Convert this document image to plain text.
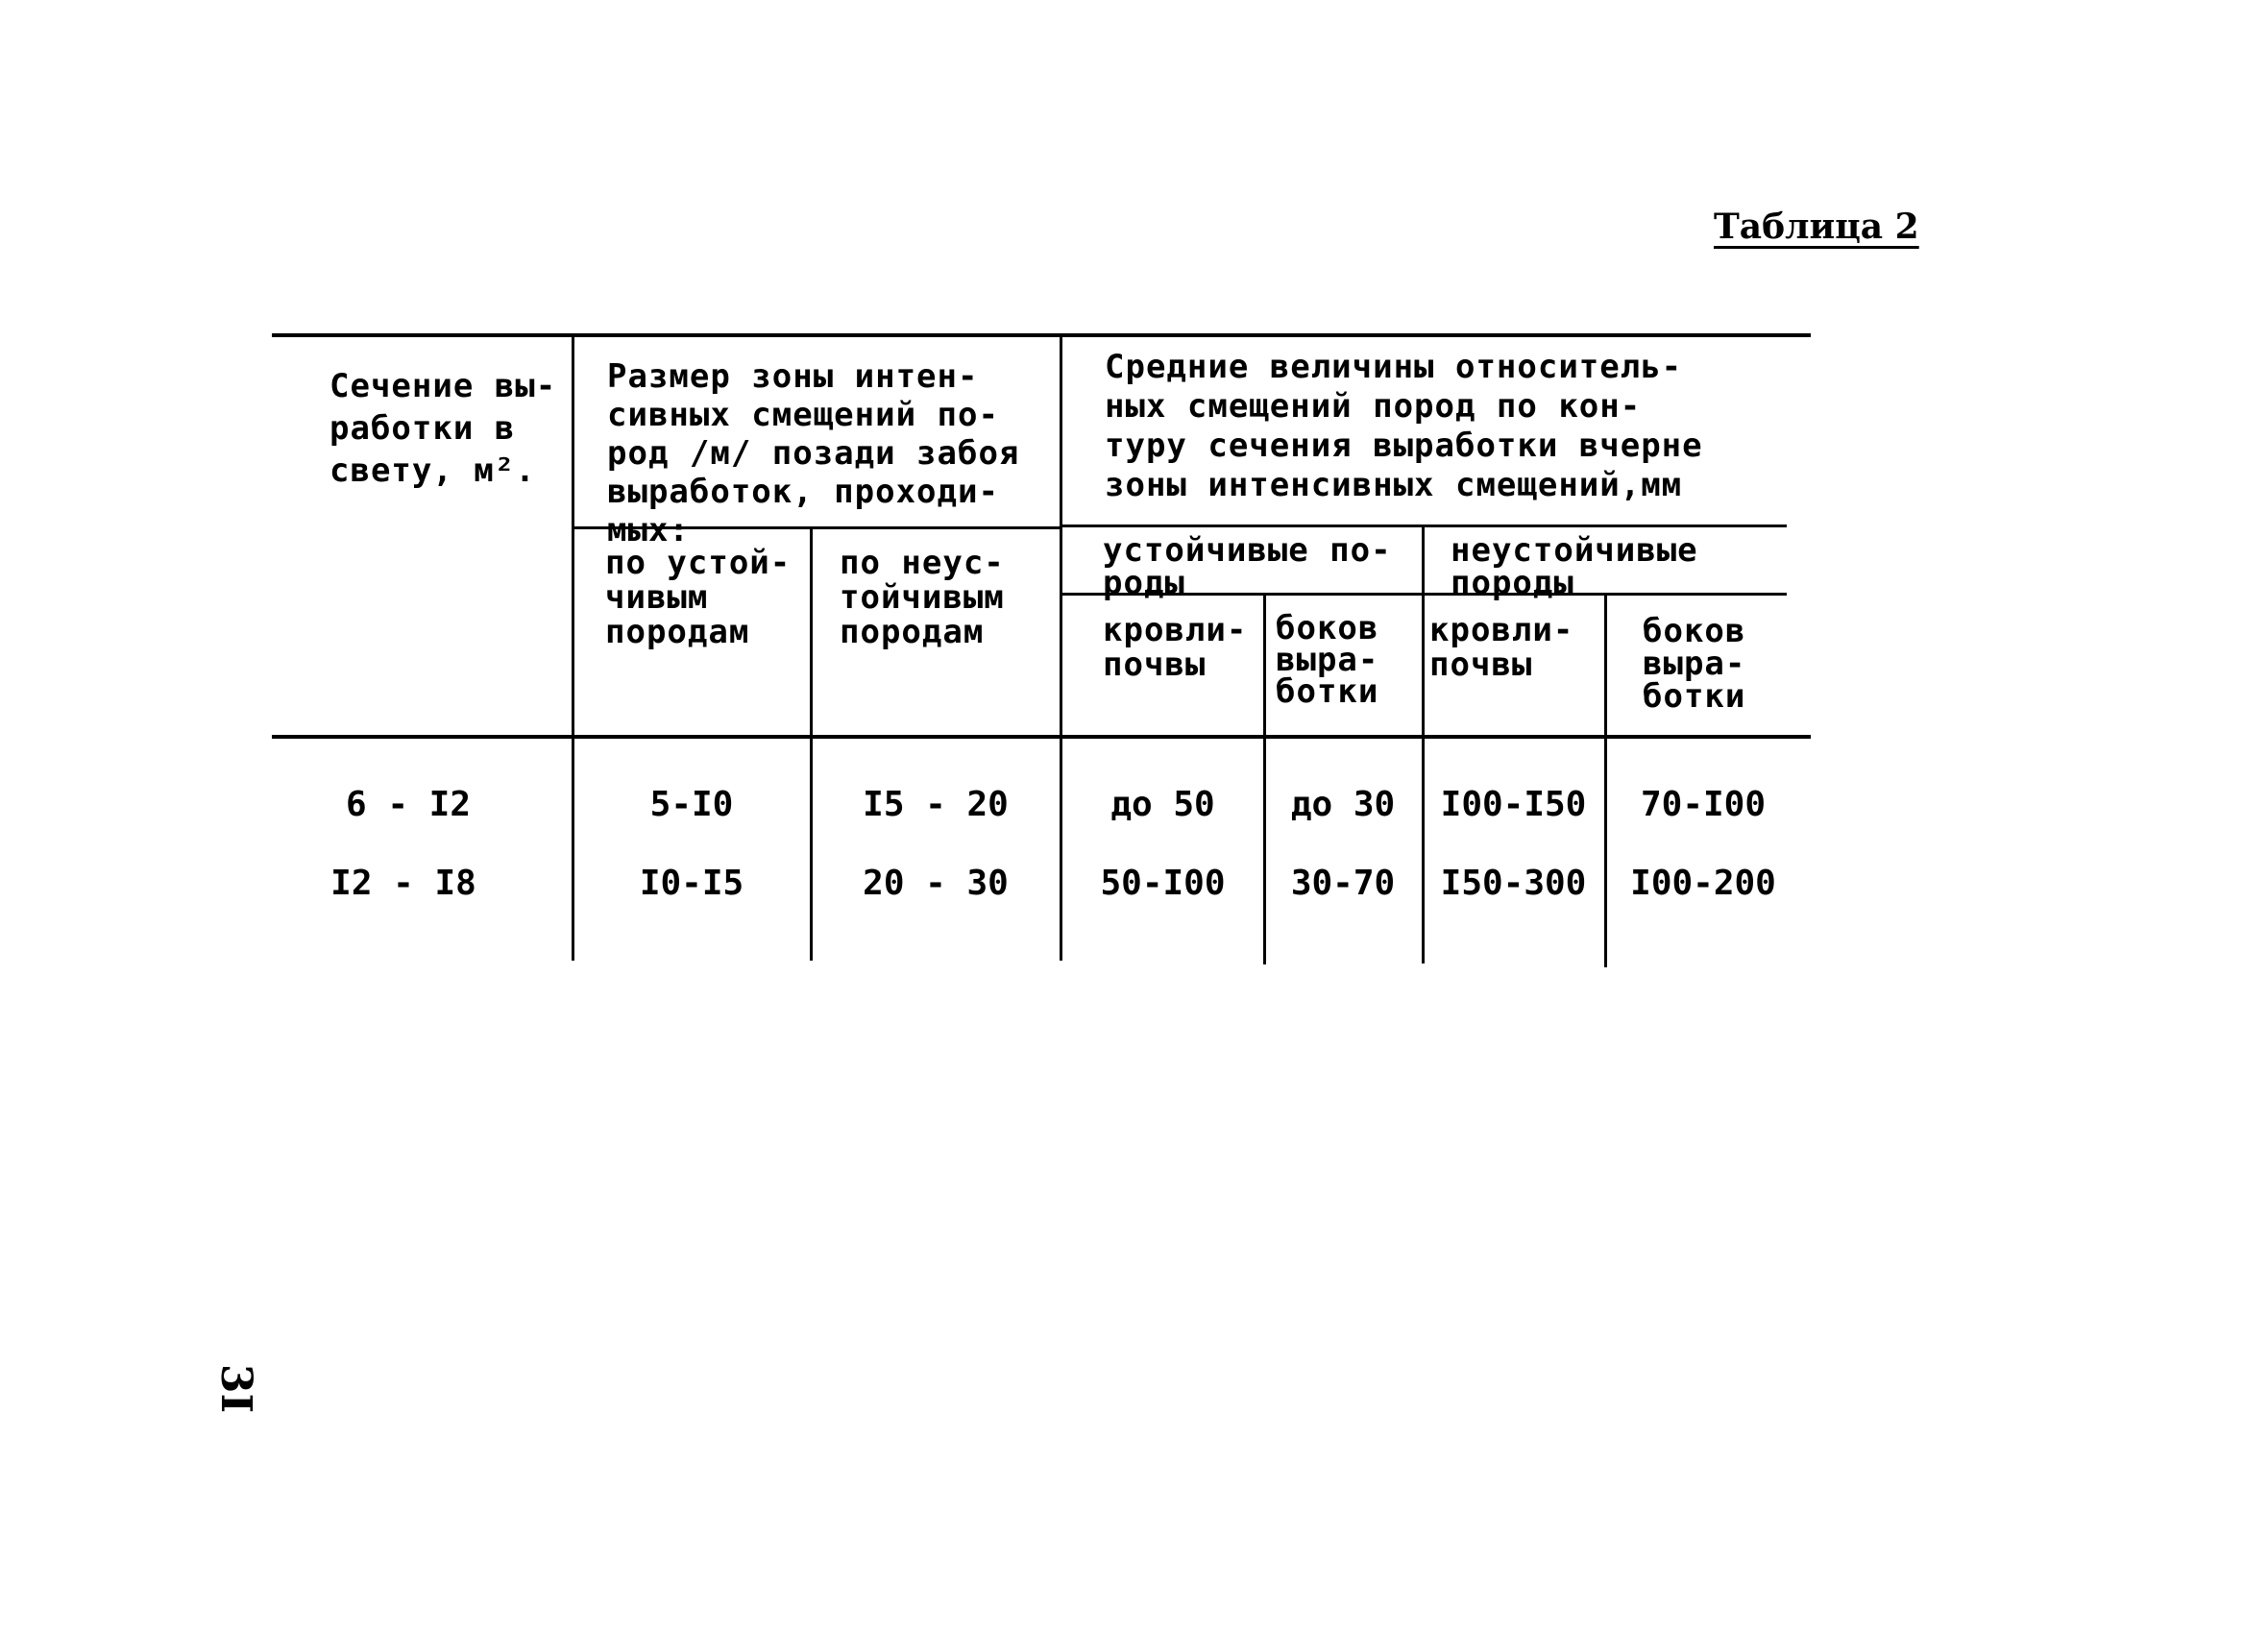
Таблица 2
Сечение вы-
работки в
свету, м².
Размер зоны интен-
сивных смещений по-
род /м/ позади забоя
выработок, проходи-
мых:
Средние величины относитель-
ных смещений пород по кон-
туру сечения выработки вчерне
зоны интенсивных смещений,мм
по устой-
чивым
породам
по неус-
тойчивым
породам
устойчивые по-
роды
неустойчивые
породы
кровли-
почвы
боков
выра-
ботки
кровли-
почвы
боков
выра-
ботки
6 - I2	5-I0	I5 - 20	до 50	до 30	I00-I50	70-I00
I2 - I8	I0-I5	20 - 30	50-I00	30-70	I50-300	I00-200
3I
